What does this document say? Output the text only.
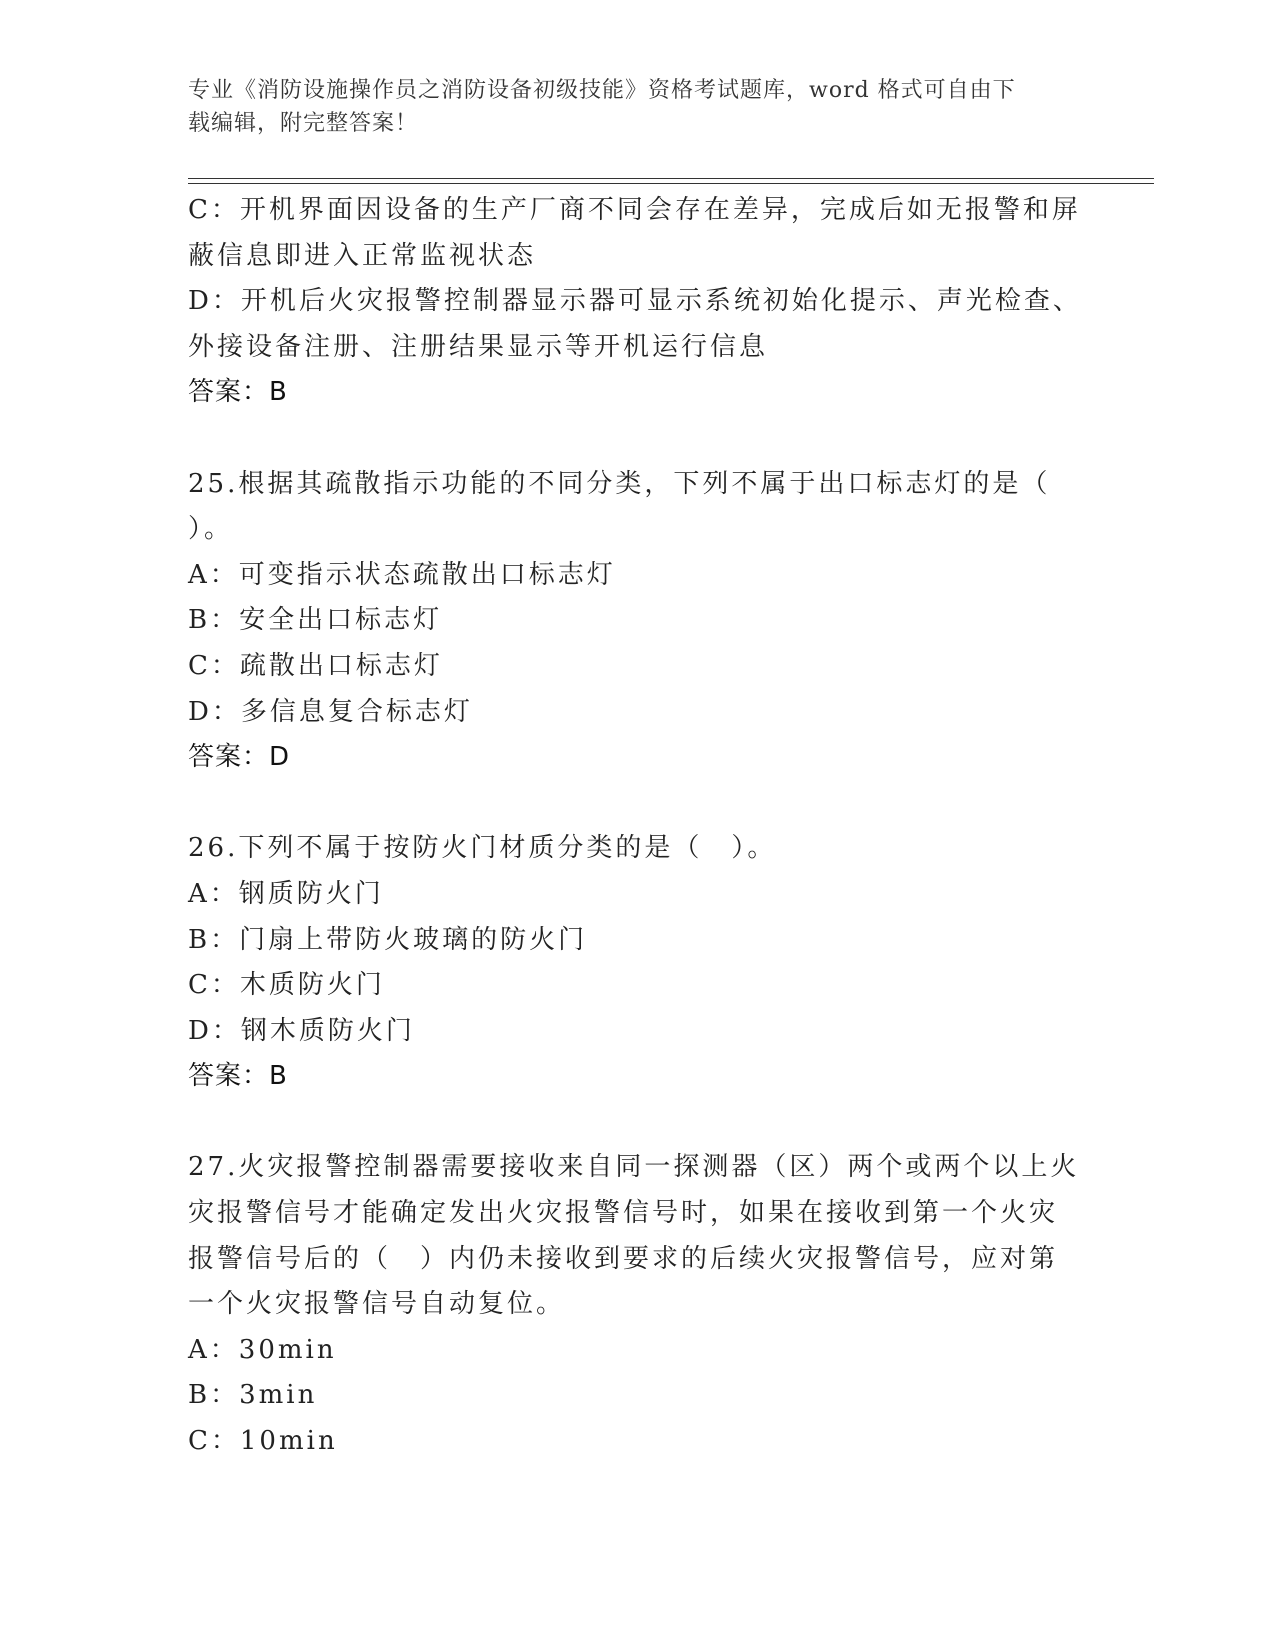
专业《消防设施操作员之消防设备初级技能》资格考试题库，word 格式可自由下
载编辑，附完整答案！
C：开机界面因设备的生产厂商不同会存在差异，完成后如无报警和屏
蔽信息即进入正常监视状态
D：开机后火灾报警控制器显示器可显示系统初始化提示、声光检查、
外接设备注册、注册结果显示等开机运行信息
答案：B
25.根据其疏散指示功能的不同分类，下列不属于出口标志灯的是（
）。
A：可变指示状态疏散出口标志灯
B：安全出口标志灯
C：疏散出口标志灯
D：多信息复合标志灯
答案：D
26.下列不属于按防火门材质分类的是（　）。
A：钢质防火门
B：门扇上带防火玻璃的防火门
C：木质防火门
D：钢木质防火门
答案：B
27.火灾报警控制器需要接收来自同一探测器（区）两个或两个以上火
灾报警信号才能确定发出火灾报警信号时，如果在接收到第一个火灾
报警信号后的（　）内仍未接收到要求的后续火灾报警信号，应对第
一个火灾报警信号自动复位。
A：30min
B：3min
C：10min
